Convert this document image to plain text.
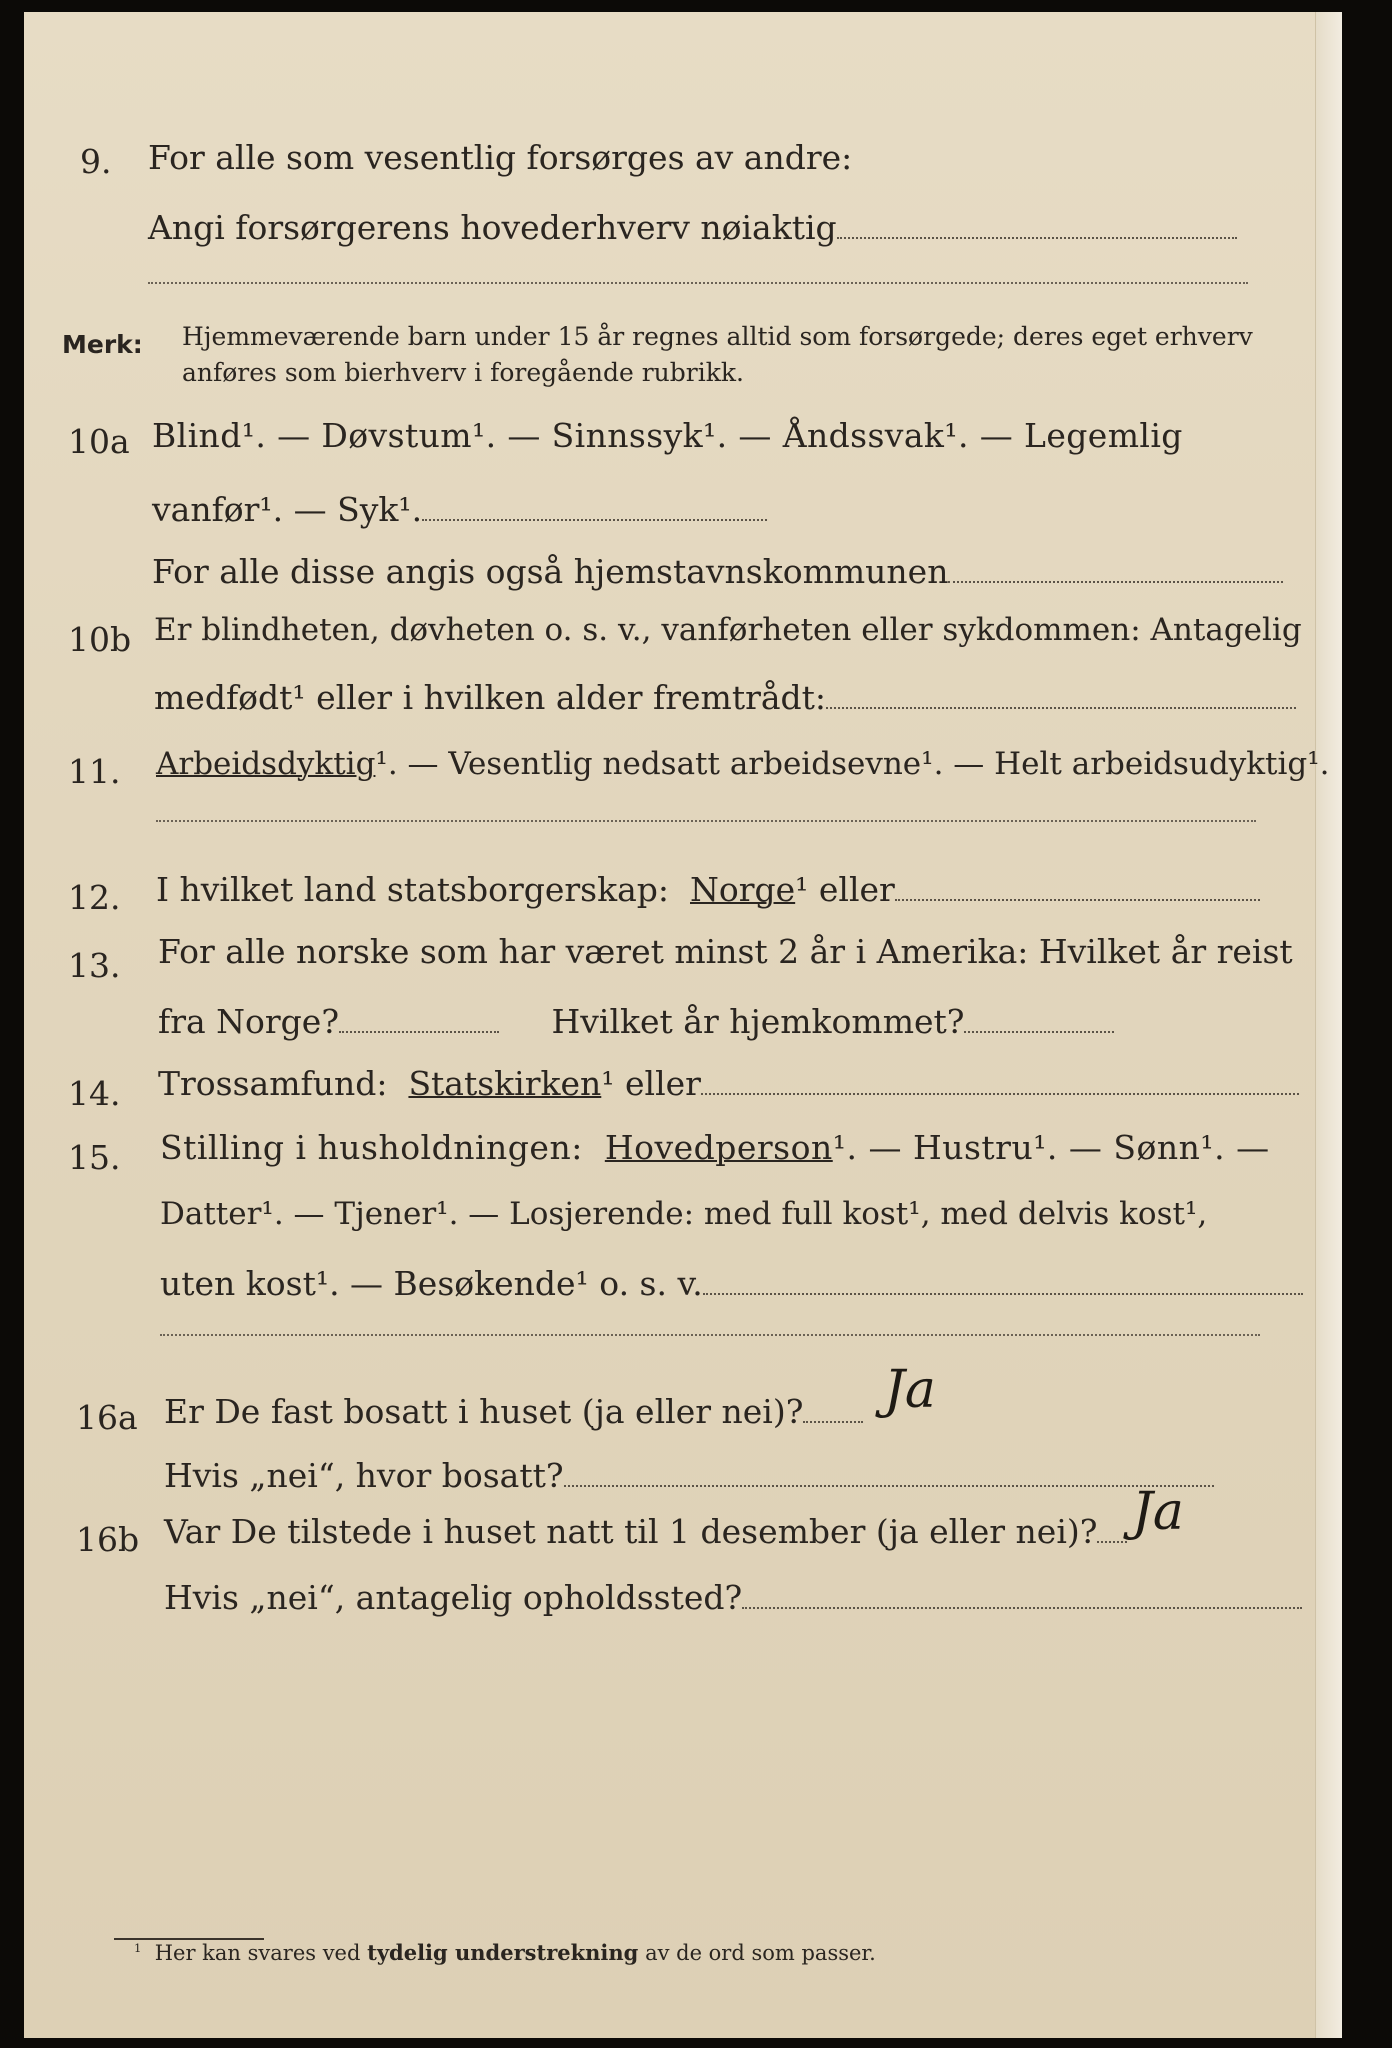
9. For alle som vesentlig forsørges av andre:
Angi forsørgerens hovederhverv nøiaktig
Merk: Hjemmeværende barn under 15 år regnes alltid som forsørgede; deres eget erhverv
anføres som bierhverv i foregående rubrikk.
10a Blind¹. — Døvstum¹. — Sinnssyk¹. — Åndssvak¹. — Legemlig
vanfør¹. — Syk¹.
For alle disse angis også hjemstavnskommunen
10b Er blindheten, døvheten o. s. v., vanførheten eller sykdommen: Antagelig
medfødt¹ eller i hvilken alder fremtrådt:
11. Arbeidsdyktig¹. — Vesentlig nedsatt arbeidsevne¹. — Helt arbeidsudyktig¹.
12. I hvilket land statsborgerskap: Norge¹ eller
13. For alle norske som har været minst 2 år i Amerika: Hvilket år reist
fra Norge?	Hvilket år hjemkommet?
14. Trossamfund: Statskirken¹ eller
15. Stilling i husholdningen: Hovedperson¹. — Hustru¹. — Sønn¹. —
Datter¹. — Tjener¹. — Losjerende: med full kost¹, med delvis kost¹,
uten kost¹. — Besøkende¹ o. s. v.
16a Er De fast bosatt i huset (ja eller nei)?	Ja
Hvis „nei“, hvor bosatt?
16b Var De tilstede i huset natt til 1 desember (ja eller nei)? Ja
Hvis „nei“, antagelig opholdssted?
$^1$ Her kan svares ved tydelig understrekning av de ord som passer.
